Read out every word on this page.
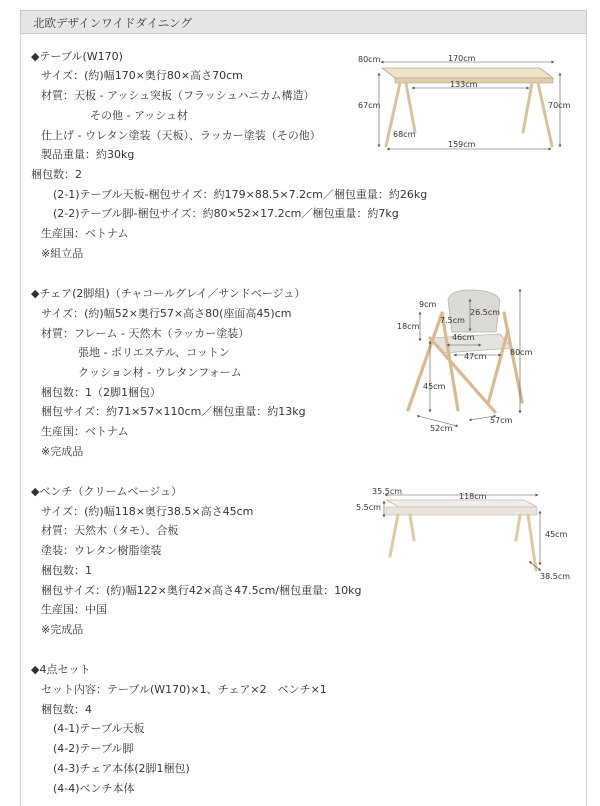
北欧デザインワイドダイニング
◆テーブル(W170)
サイズ：(約)幅170×奥行80×高さ70cm
材質：天板 - アッシュ突板（フラッシュハニカム構造）
その他 - アッシュ材
仕上げ - ウレタン塗装（天板）、ラッカー塗装（その他）
製品重量：約30kg
梱包数：2
(2-1)テーブル天板-梱包サイズ：約179×88.5×7.2cm／梱包重量：約26kg
(2-2)テーブル脚-梱包サイズ：約80×52×17.2cm／梱包重量：約7kg
生産国：ベトナム
※組立品
◆チェア(2脚組)（チャコールグレイ／サンドベージュ）
サイズ：(約)幅52×奥行57×高さ80(座面高45)cm
材質：フレーム - 天然木（ラッカー塗装）
張地 - ポリエステル、コットン
クッション材 - ウレタンフォーム
梱包数：1（2脚1梱包）
梱包サイズ：約71×57×110cm／梱包重量：約13kg
生産国：ベトナム
※完成品
◆ベンチ（クリームベージュ）
サイズ：(約)幅118×奥行38.5×高さ45cm
材質：天然木（タモ）、合板
塗装：ウレタン樹脂塗装
梱包数：1
梱包サイズ：(約)幅122×奥行42×高さ47.5cm/梱包重量：10kg
生産国：中国
※完成品
◆4点セット
セット内容：テーブル(W170)×1、チェア×2　ベンチ×1
梱包数：4
(4-1)テーブル天板
(4-2)テーブル脚
(4-3)チェア本体(2脚1梱包)
(4-4)ベンチ本体
80cm	170cm
133cm
67cm	70cm
68cm
159cm
9cm
26.5cm
7.5cm
18cm
46cm
47cm	80cm
45cm
57cm
52cm
35.5cm
118cm
5.5cm
45cm
38.5cm
